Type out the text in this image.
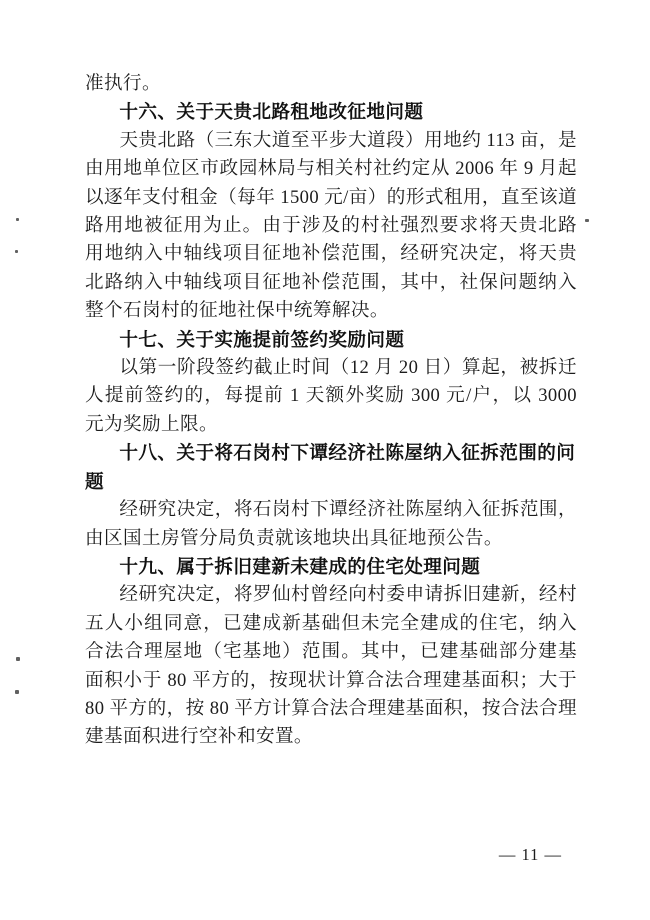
准执行。

十六、关于天贵北路租地改征地问题

天贵北路（三东大道至平步大道段）用地约 113 亩，是由用地单位区市政园林局与相关村社约定从 2006 年 9 月起以逐年支付租金（每年 1500 元/亩）的形式租用，直至该道路用地被征用为止。由于涉及的村社强烈要求将天贵北路用地纳入中轴线项目征地补偿范围，经研究决定，将天贵北路纳入中轴线项目征地补偿范围，其中，社保问题纳入整个石岗村的征地社保中统筹解决。

十七、关于实施提前签约奖励问题

以第一阶段签约截止时间（12 月 20 日）算起，被拆迁人提前签约的，每提前 1 天额外奖励 300 元/户，以 3000 元为奖励上限。

十八、关于将石岗村下谭经济社陈屋纳入征拆范围的问题

经研究决定，将石岗村下谭经济社陈屋纳入征拆范围，由区国土房管分局负责就该地块出具征地预公告。

十九、属于拆旧建新未建成的住宅处理问题

经研究决定，将罗仙村曾经向村委申请拆旧建新，经村五人小组同意，已建成新基础但未完全建成的住宅，纳入合法合理屋地（宅基地）范围。其中，已建基础部分建基面积小于 80 平方的，按现状计算合法合理建基面积；大于 80 平方的，按 80 平方计算合法合理建基面积，按合法合理建基面积进行空补和安置。

— 11 —
